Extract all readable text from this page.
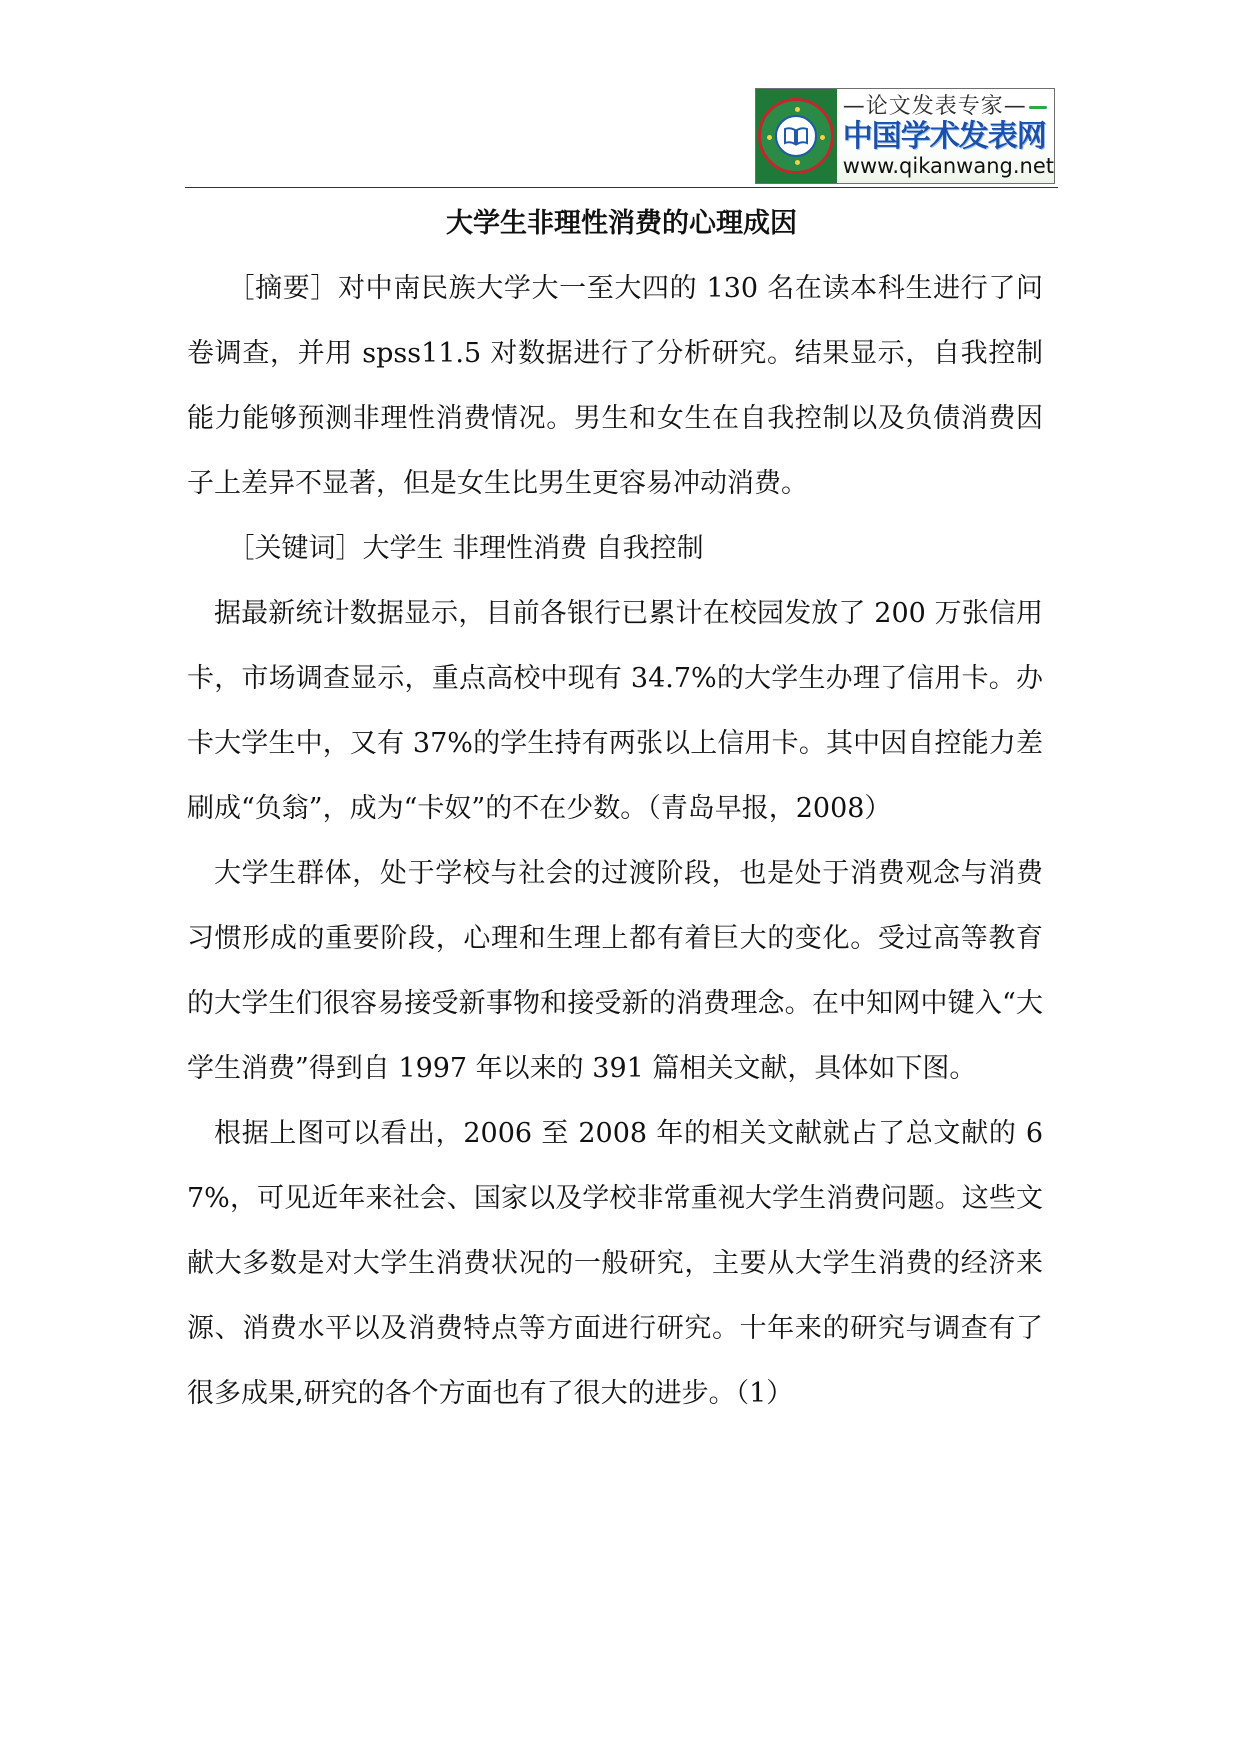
—论文发表专家—
中国学术发表网
www.qikanwang.net
大学生非理性消费的心理成因

［摘要］对中南民族大学大一至大四的 130 名在读本科生进行了问卷调查，并用 spss11.5 对数据进行了分析研究。结果显示，自我控制能力能够预测非理性消费情况。男生和女生在自我控制以及负债消费因子上差异不显著，但是女生比男生更容易冲动消费。

［关键词］大学生 非理性消费 自我控制

据最新统计数据显示，目前各银行已累计在校园发放了 200 万张信用卡，市场调查显示，重点高校中现有 34.7%的大学生办理了信用卡。办卡大学生中，又有 37%的学生持有两张以上信用卡。其中因自控能力差刷成“负翁”，成为“卡奴”的不在少数。（青岛早报，2008）

大学生群体，处于学校与社会的过渡阶段，也是处于消费观念与消费习惯形成的重要阶段，心理和生理上都有着巨大的变化。受过高等教育的大学生们很容易接受新事物和接受新的消费理念。在中知网中键入“大学生消费”得到自 1997 年以来的 391 篇相关文献，具体如下图。

根据上图可以看出，2006 至 2008 年的相关文献就占了总文献的 67%，可见近年来社会、国家以及学校非常重视大学生消费问题。这些文献大多数是对大学生消费状况的一般研究，主要从大学生消费的经济来源、消费水平以及消费特点等方面进行研究。十年来的研究与调查有了很多成果,研究的各个方面也有了很大的进步。（1）
